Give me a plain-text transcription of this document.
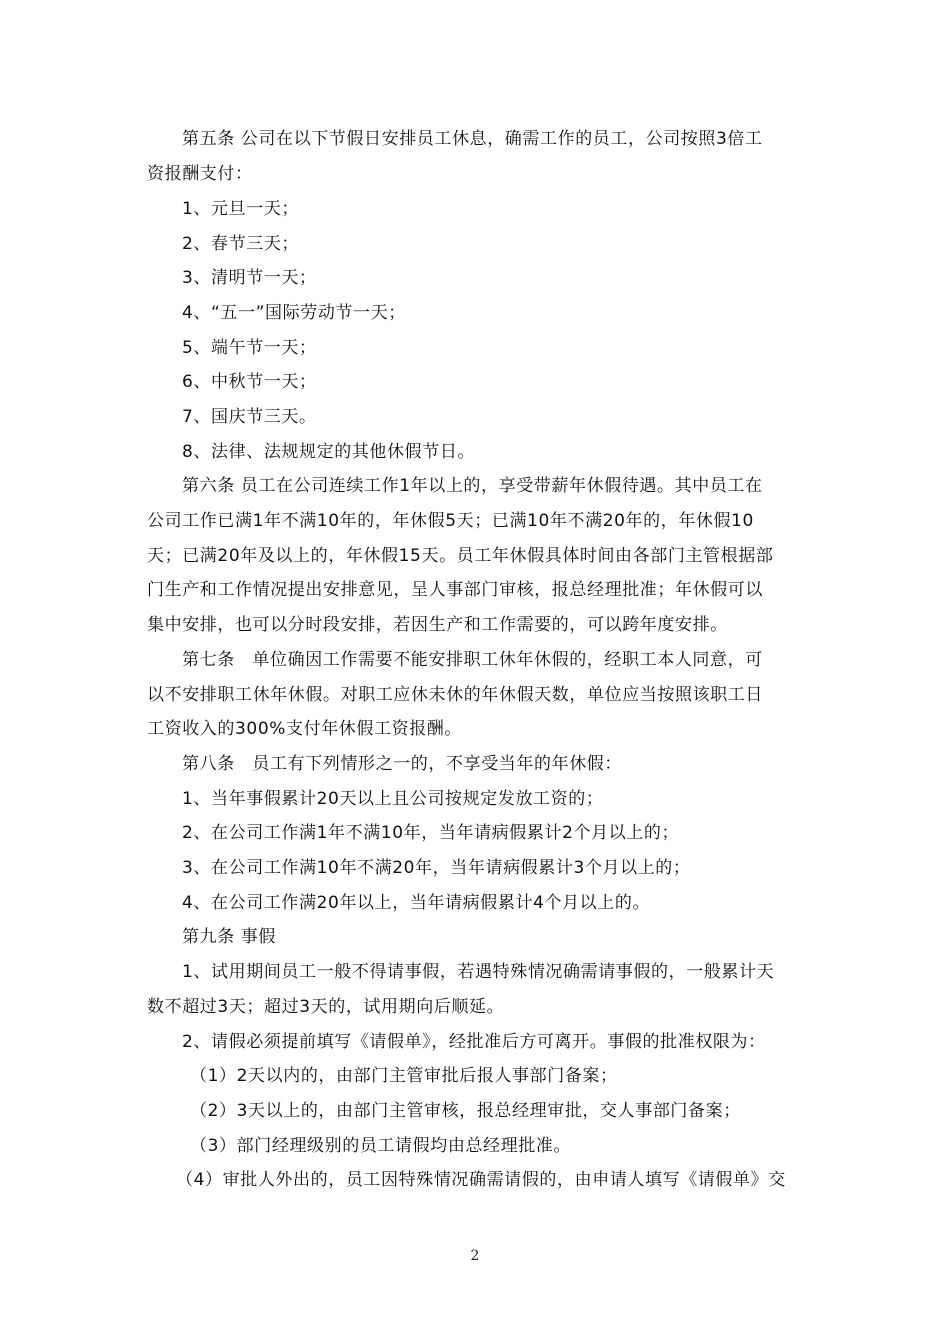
第五条 公司在以下节假日安排员工休息，确需工作的员工，公司按照3倍工
资报酬支付：
1、元旦一天；
2、春节三天；
3、清明节一天；
4、“五一”国际劳动节一天；
5、端午节一天；
6、中秋节一天；
7、国庆节三天。
8、法律、法规规定的其他休假节日。
第六条 员工在公司连续工作1年以上的，享受带薪年休假待遇。其中员工在
公司工作已满1年不满10年的，年休假5天；已满10年不满20年的，年休假10
天；已满20年及以上的，年休假15天。员工年休假具体时间由各部门主管根据部
门生产和工作情况提出安排意见，呈人事部门审核，报总经理批准；年休假可以
集中安排，也可以分时段安排，若因生产和工作需要的，可以跨年度安排。
第七条　单位确因工作需要不能安排职工休年休假的，经职工本人同意，可
以不安排职工休年休假。对职工应休未休的年休假天数，单位应当按照该职工日
工资收入的300%支付年休假工资报酬。
第八条　员工有下列情形之一的，不享受当年的年休假：
1、当年事假累计20天以上且公司按规定发放工资的；
2、在公司工作满1年不满10年，当年请病假累计2个月以上的；
3、在公司工作满10年不满20年，当年请病假累计3个月以上的；
4、在公司工作满20年以上，当年请病假累计4个月以上的。
第九条 事假
1、试用期间员工一般不得请事假，若遇特殊情况确需请事假的，一般累计天
数不超过3天；超过3天的，试用期向后顺延。
2、请假必须提前填写《请假单》，经批准后方可离开。事假的批准权限为：
（1）2天以内的，由部门主管审批后报人事部门备案；
（2）3天以上的，由部门主管审核，报总经理审批，交人事部门备案；
（3）部门经理级别的员工请假均由总经理批准。
（4）审批人外出的，员工因特殊情况确需请假的，由申请人填写《请假单》交
2
